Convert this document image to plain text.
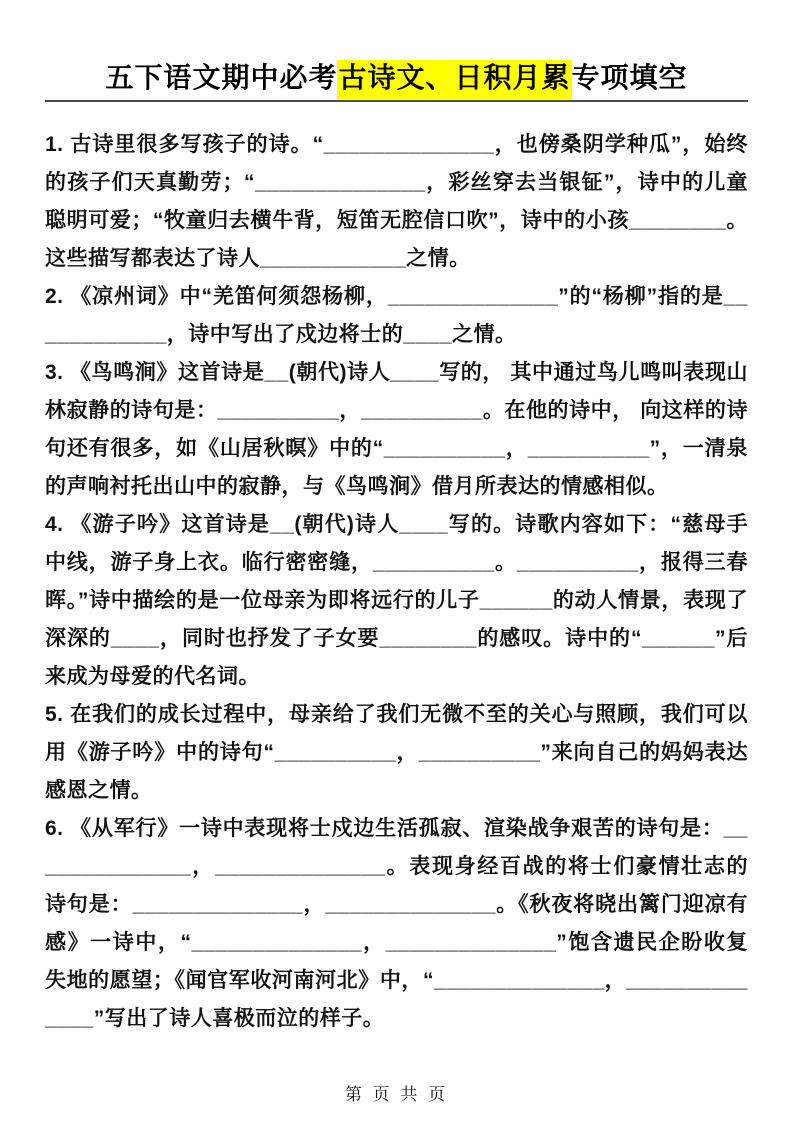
五下语文期中必考古诗文、日积月累专项填空

1. 古诗里很多写孩子的诗。“______________，也傍桑阴学种瓜”，始终的孩子们天真勤劳；“______________，彩丝穿去当银钲”，诗中的儿童聪明可爱；“牧童归去横牛背，短笛无腔信口吹”，诗中的小孩________。这些描写都表达了诗人____________之情。

2. 《凉州词》中“羌笛何须怨杨柳，______________”的“杨柳”指的是____________，诗中写出了戍边将士的____之情。

3. 《鸟鸣涧》这首诗是__(朝代)诗人____写的， 其中通过鸟儿鸣叫表现山林寂静的诗句是：__________，__________。在他的诗中， 向这样的诗句还有很多，如《山居秋暝》中的“__________，__________”，一清泉的声响衬托出山中的寂静，与《鸟鸣涧》借月所表达的情感相似。

4. 《游子吟》这首诗是__(朝代)诗人____写的。诗歌内容如下：“慈母手中线，游子身上衣。临行密密缝，__________。__________，报得三春晖。”诗中描绘的是一位母亲为即将远行的儿子______的动人情景，表现了深深的____，同时也抒发了子女要________的感叹。诗中的“______”后来成为母爱的代名词。

5. 在我们的成长过程中，母亲给了我们无微不至的关心与照顾，我们可以用《游子吟》中的诗句“__________，__________”来向自己的妈妈表达感恩之情。

6. 《从军行》一诗中表现将士戍边生活孤寂、渲染战争艰苦的诗句是：______________，______________。表现身经百战的将士们豪情壮志的诗句是：______________，______________。《秋夜将晓出篱门迎凉有感》一诗中，“______________，______________”饱含遗民企盼收复失地的愿望；《闻官军收河南河北》中，“______________，______________”写出了诗人喜极而泣的样子。

第 页 共 页
